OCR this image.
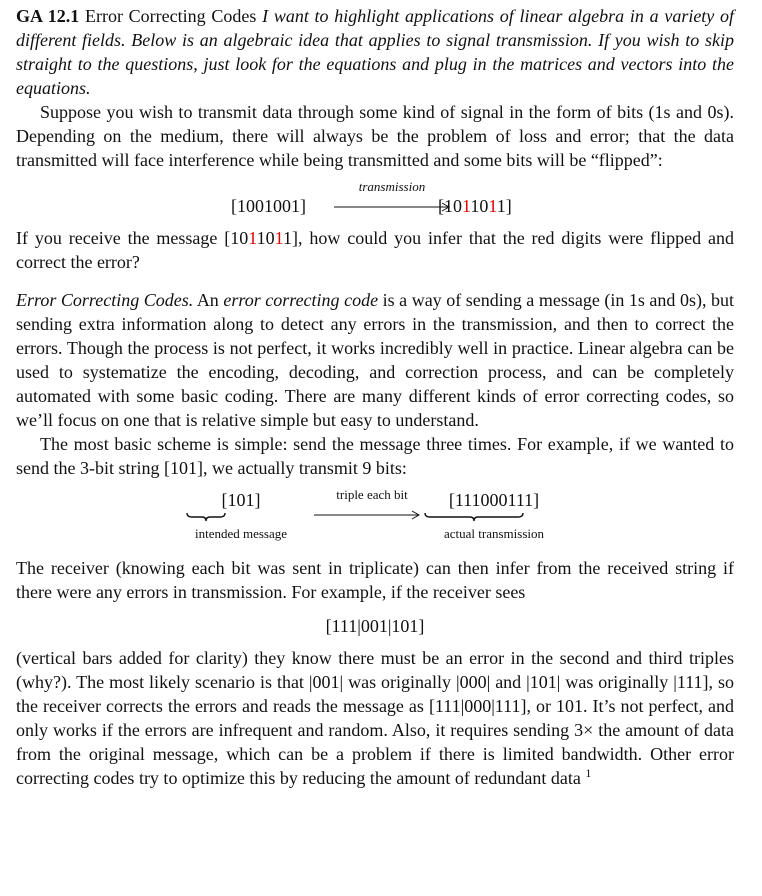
GA 12.1 Error Correcting Codes I want to highlight applications of linear algebra in a variety of different fields. Below is an algebraic idea that applies to signal transmission. If you wish to skip straight to the questions, just look for the equations and plug in the matrices and vectors into the equations.

Suppose you wish to transmit data through some kind of signal in the form of bits (1s and 0s). Depending on the medium, there will always be the problem of loss and error; that the data transmitted will face interference while being transmitted and some bits will be “flipped”:

[1001001]
transmission
[1011011]

If you receive the message [1011011], how could you infer that the red digits were flipped and correct the error?

Error Correcting Codes. An error correcting code is a way of sending a message (in 1s and 0s), but sending extra information along to detect any errors in the transmission, and then to correct the errors. Though the process is not perfect, it works incredibly well in practice. Linear algebra can be used to systematize the encoding, decoding, and correction process, and can be completely automated with some basic coding. There are many different kinds of error correcting codes, so we’ll focus on one that is relative simple but easy to understand.

The most basic scheme is simple: send the message three times. For example, if we wanted to send the 3-bit string [101], we actually transmit 9 bits:

[101]
intended message
triple each bit	[111000111]
actual transmission

The receiver (knowing each bit was sent in triplicate) can then infer from the received string if there were any errors in transmission. For example, if the receiver sees

[111|001|101]

(vertical bars added for clarity) they know there must be an error in the second and third triples (why?). The most likely scenario is that |001| was originally |000| and |101| was originally |111], so the receiver corrects the errors and reads the message as [111|000|111], or 101. It’s not perfect, and only works if the errors are infrequent and random. Also, it requires sending 3× the amount of data from the original message, which can be a problem if there is limited bandwidth. Other error correcting codes try to optimize this by reducing the amount of redundant data $^1$
